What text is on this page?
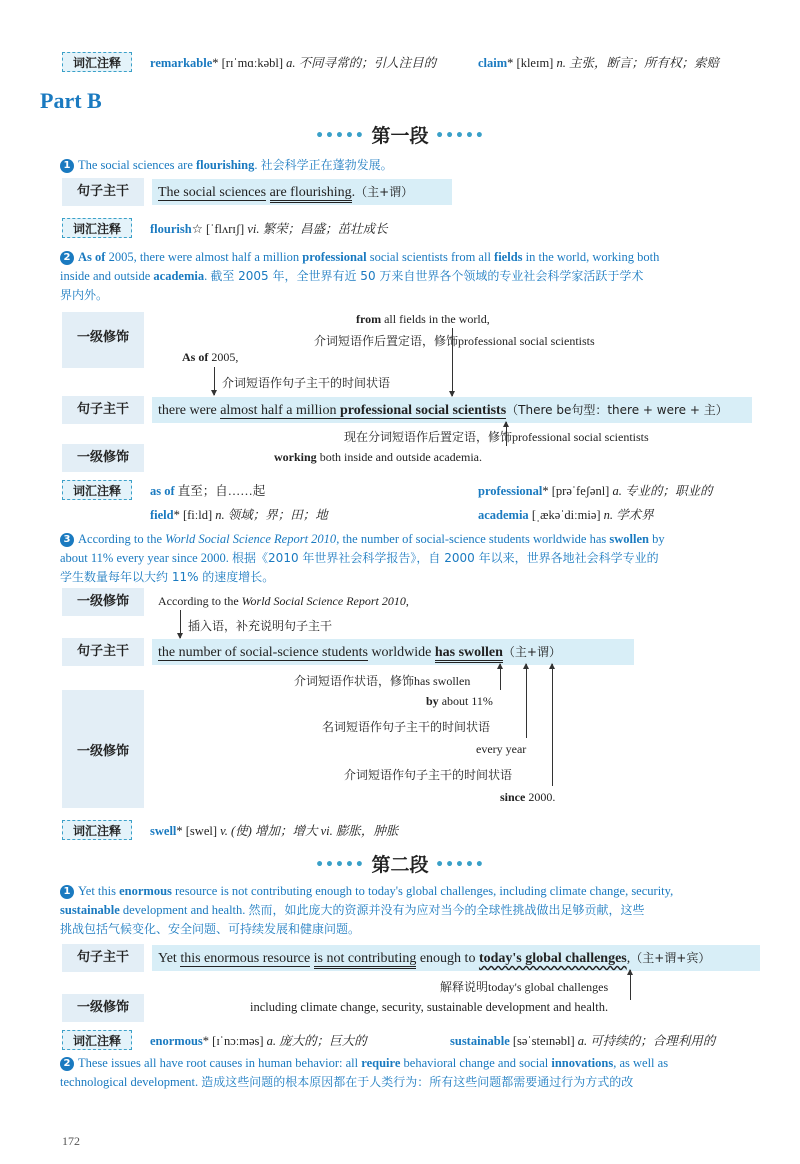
词汇注释	remarkable* [rɪˈmɑːkəbl] a. 不同寻常的；引人注目的	claim* [kleɪm] n. 主张，断言；所有权；索赔
Part B
••••• 第一段 •••••
1 The social sciences are flourishing. 社会科学正在蓬勃发展。
句子主干	The social sciences are flourishing.（主+谓）
词汇注释	flourish☆ [ˈflʌrɪʃ] vi. 繁荣；昌盛；茁壮成长
2 As of 2005, there were almost half a million professional social scientists from all fields in the world, working both
inside and outside academia. 截至 2005 年，全世界有近 50 万来自世界各个领域的专业社会科学家活跃于学术
界内外。
一级修饰
from all fields in the world,
介词短语作后置定语，修饰professional social scientists
As of 2005,
介词短语作句子主干的时间状语
句子主干	there were almost half a million professional social scientists（There be句型：there + were + 主）
现在分词短语作后置定语，修饰professional social scientists
一级修饰	working both inside and outside academia.
词汇注释	as of 直至；自……起	professional* [prəˈfeʃənl] a. 专业的；职业的
field* [fiːld] n. 领域；界；田；地	academia [ˌækəˈdiːmiə] n. 学术界
3 According to the World Social Science Report 2010, the number of social-science students worldwide has swollen by
about 11% every year since 2000. 根据《2010 年世界社会科学报告》，自 2000 年以来，世界各地社会科学专业的
学生数量每年以大约 11% 的速度增长。
一级修饰	According to the World Social Science Report 2010,
插入语，补充说明句子主干
句子主干	the number of social-science students worldwide has swollen（主+谓）
一级修饰
介词短语作状语，修饰has swollen
by about 11%
名词短语作句子主干的时间状语
every year
介词短语作句子主干的时间状语
since 2000.
词汇注释	swell* [swel] v. (使) 增加；增大 vi. 膨胀，肿胀
••••• 第二段 •••••
1 Yet this enormous resource is not contributing enough to today's global challenges, including climate change, security,
sustainable development and health. 然而，如此庞大的资源并没有为应对当今的全球性挑战做出足够贡献，这些
挑战包括气候变化、安全问题、可持续发展和健康问题。
句子主干	Yet this enormous resource is not contributing enough to today's global challenges,（主+谓+宾）
解释说明today's global challenges
一级修饰	including climate change, security, sustainable development and health.
词汇注释	enormous* [ɪˈnɔːməs] a. 庞大的；巨大的	sustainable [səˈsteɪnəbl] a. 可持续的；合理利用的
2 These issues all have root causes in human behavior: all require behavioral change and social innovations, as well as
technological development. 造成这些问题的根本原因都在于人类行为：所有这些问题都需要通过行为方式的改
172
